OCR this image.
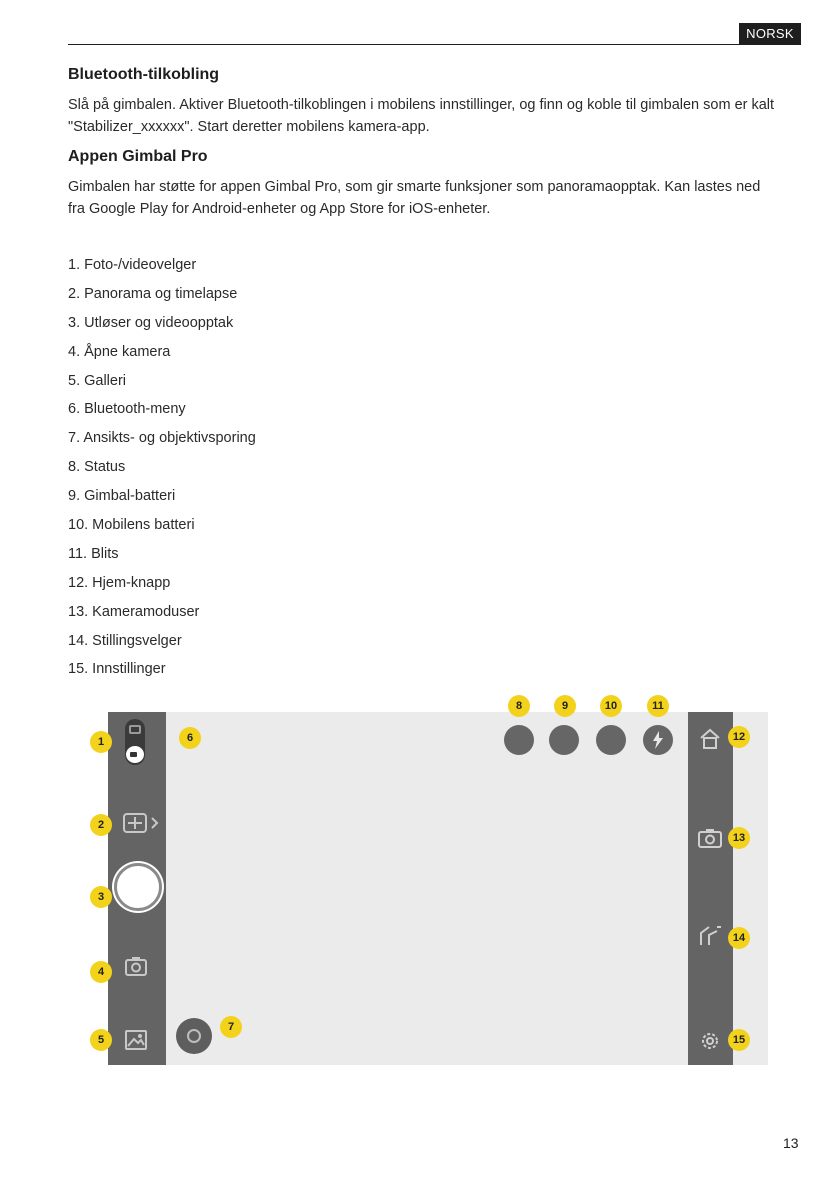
NORSK
Bluetooth-tilkobling

Slå på gimbalen. Aktiver Bluetooth-tilkoblingen i mobilens innstillinger, og finn og koble til gimbalen som er kalt "Stabilizer_xxxxxx". Start deretter mobilens kamera-app.

Appen Gimbal Pro

Gimbalen har støtte for appen Gimbal Pro, som gir smarte funksjoner som panoramaopptak. Kan lastes ned fra Google Play for Android-enheter og App Store for iOS-enheter.

1. Foto-/videovelger
2. Panorama og timelapse
3. Utløser og videoopptak
4. Åpne kamera
5. Galleri
6. Bluetooth-meny
7. Ansikts- og objektivsporing
8. Status
9. Gimbal-batteri
10. Mobilens batteri
11. Blits
12. Hjem-knapp
13. Kameramoduser
14. Stillingsvelger
15. Innstillinger
1
2
3
4
5
6
7
8	9	10	11
12
13
14
15
13
